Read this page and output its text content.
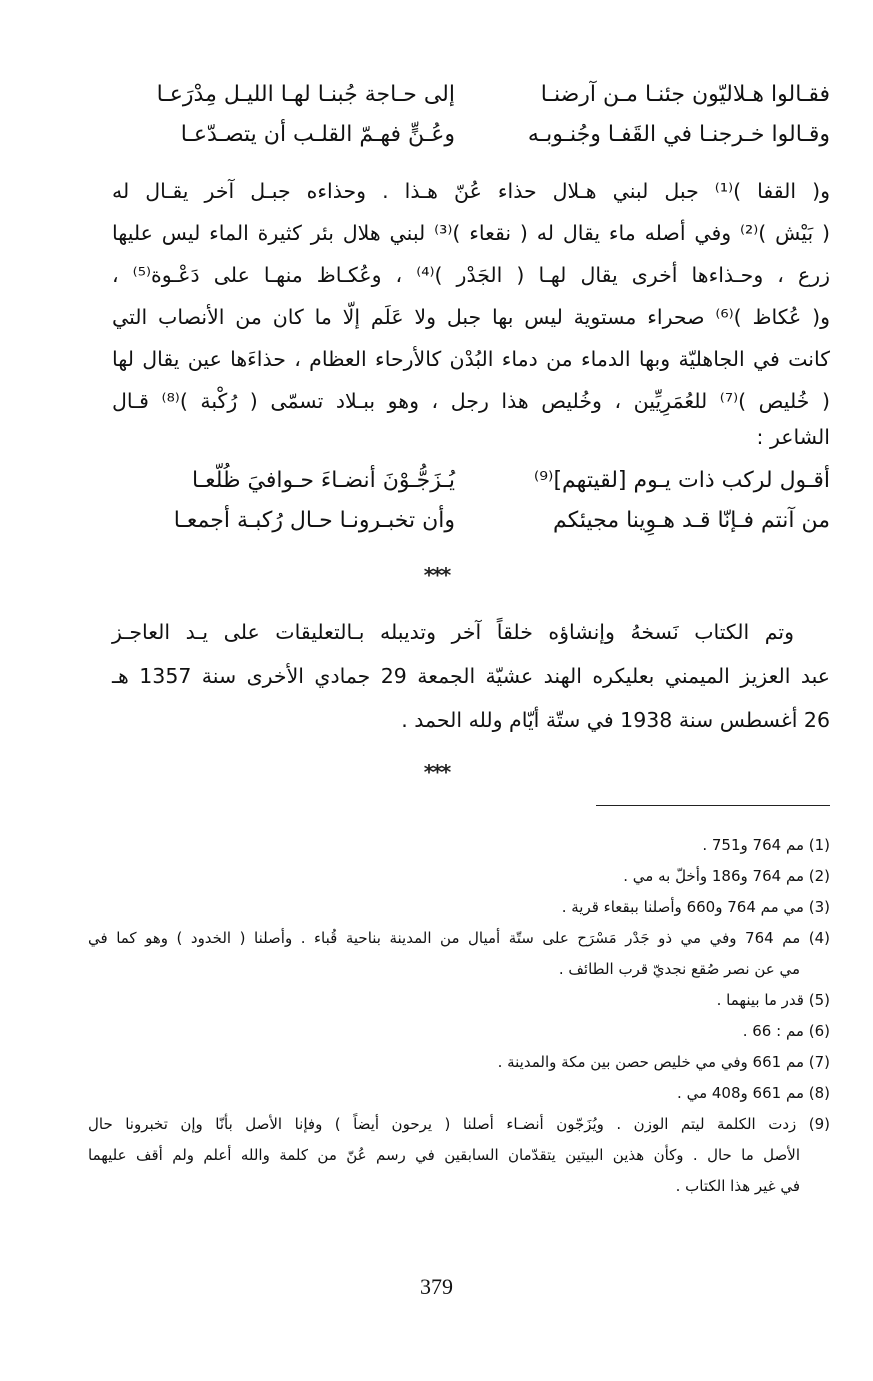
فقـالوا هـلاليّون جئنـا مـن آرضنـا
إلى حـاجة جُبنـا لهـا الليـل مِدْرَعـا
وقـالوا خـرجنـا في القَفـا وجُنـوبـه
وعُـنٍّ فهـمّ القلـب أن يتصـدّعـا
و( القفا )⁽¹⁾ جبل لبني هـلال حذاء عُنّ هـذا . وحذاءه جبـل آخر يقـال له
( بَيْش )⁽²⁾ وفي أصله ماء يقال له ( نقعاء )⁽³⁾ لبني هلال بئر كثيرة الماء ليس عليها
زرع ، وحـذاءها أخرى يقال لهـا ( الجَدْر )⁽⁴⁾ ، وعُكـاظ منهـا على دَعْـوة⁽⁵⁾ ،
و( عُكاظ )⁽⁶⁾ صحراء مستوية ليس بها جبل ولا عَلَم إلّا ما كان من الأنصاب التي
كانت في الجاهليّة وبها الدماء من دماء البُدْن كالأرحاء العظام ، حذاءَها عين يقال لها
( خُليص )⁽⁷⁾ للعُمَرِيِّين ، وخُليص هذا رجل ، وهو ببـلاد تسمّى ( رُكْبة )⁽⁸⁾ قـال
الشاعر :
أقـول لركب ذات يـوم [لقيتهم]⁽⁹⁾
يُـزَجُّـوْنَ أنضـاءَ حـوافيَ ظُلّعـا
من آنتم فـإنّا قـد هـوِينا مجيئكم
وأن تخبـرونـا حـال رُكبـة أجمعـا
***
وتم الكتاب نَسخهُ وإنشاؤه خلقاً آخر وتديبله بـالتعليقات على يـد العاجـز
عبد العزيز الميمني بعليكره الهند عشيّة الجمعة 29 جمادي الأخرى سنة 1357 هـ
26 أغسطس سنة 1938 في ستّة أيّام ولله الحمد .
***
(1) مم 764 و751 .
(2) مم 764 و186 وأخلّ به مي .
(3) مي مم 764 و660 وأصلنا ببقعاء قرية .
(4) مم 764 وفي مي ذو جَدْر مَسْرَح على ستّة أميال من المدينة بناحية قُباء . وأصلنا ( الخدود ) وهو كما في
مي عن نصر صُقع نجديّ قرب الطائف .
(5) قدر ما بينهما .
(6) مم : 66 .
(7) مم 661 وفي مي خليص حصن بين مكة والمدينة .
(8) مم 661 و408 مي .
(9) زدت الكلمة ليتم الوزن . ويُزَجّون أنضـاء أصلنا ( يرحون أيضاً ) وفإنا الأصل بأنّا وإن تخبرونا حال
الأصل ما حال . وكأن هذين البيتين يتقدّمان السابقين في رسم عُنّ من كلمة والله أعلم ولم أقف عليهما
في غير هذا الكتاب .
379
